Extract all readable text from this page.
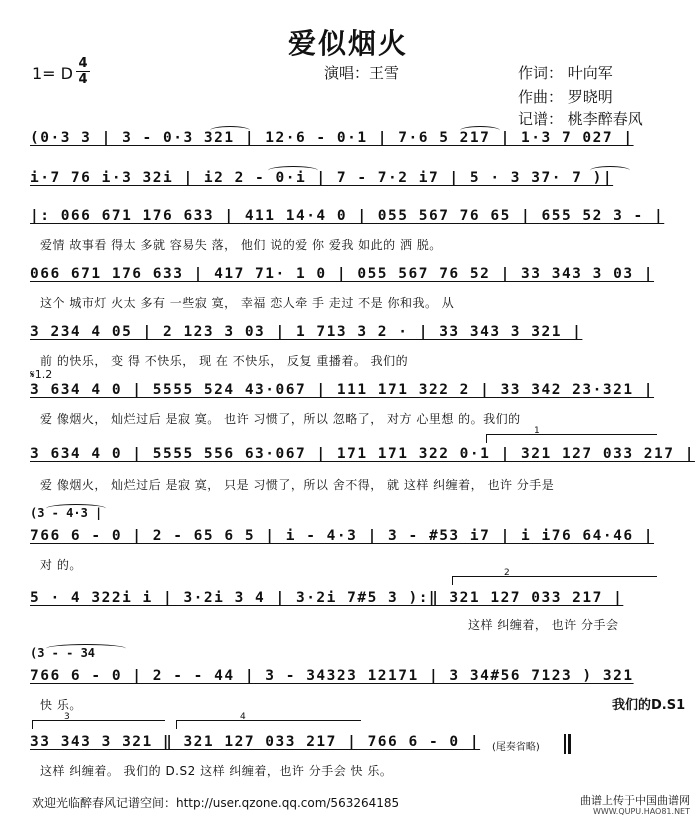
爱似烟火
1= D
4
4	演唱：王雪	作词： 叶向军
作曲： 罗晓明
记谱： 桃李醉春风
(0·3 3 | 3 - 0·3 321 | 12·6 - 0·1 | 7·6 5 217 | 1·3 7 027 |
i·7 76 i·3 32i | i2 2 - 0·i | 7 - 7·2 i7 | 5 · 3 37· 7 )|
|: 066 671 176 633 | 411 14·4 0 | 055 567 76 65 | 655 52 3 - |
爱情 故事看 得太 多就 容易失 落， 他们 说的爱 你 爱我 如此的 洒 脱。
066 671 176 633 | 417 71· 1 0 | 055 567 76 52 | 33 343 3 03 |
这个 城市灯 火太 多有 一些寂 寞， 幸福 恋人牵 手 走过 不是 你和我。 从
3 234 4 05 | 2 123 3 03 | 1 713 3 2 · | 33 343 3 321 |
前 的快乐， 变 得 不快乐， 现 在 不快乐， 反复 重播着。 我们的
𝄋1.2
3 634 4 0 | 5555 524 43·067 | 111 171 322 2 | 33 342 23·321 |
爱 像烟火， 灿烂过后 是寂 寞。 也许 习惯了，所以 忽略了， 对方 心里想 的。我们的
1
3 634 4 0 | 5555 556 63·067 | 171 171 322 0·1 | 321 127 033 217 |
爱 像烟火， 灿烂过后 是寂 寞， 只是 习惯了，所以 舍不得， 就 这样 纠缠着， 也许 分手是
(3 - 4·3 |
766 6 - 0 | 2 - 65 6 5 | i - 4·3 | 3 - #53 i7 | i i76 64·46 |
对 的。
2
5 · 4 322i i | 3·2i 3 4 | 3·2i 7#5 3 ):‖ 321 127 033 217 |
这样 纠缠着， 也许 分手会
(3 - - 34
766 6 - 0 | 2 - - 44 | 3 - 34323 12171 | 3 34#56 7123 ) 321
快 乐。	我们的D.S1
3	4
33 343 3 321 ‖ 321 127 033 217 | 766 6 - 0 | (尾奏省略)
这样 纠缠着。 我们的 D.S2 这样 纠缠着，也许 分手会 快 乐。
欢迎光临醉春风记谱空间：http://user.qzone.qq.com/563264185	曲谱上传于中国曲谱网
WWW.QUPU.HAO81.NET
